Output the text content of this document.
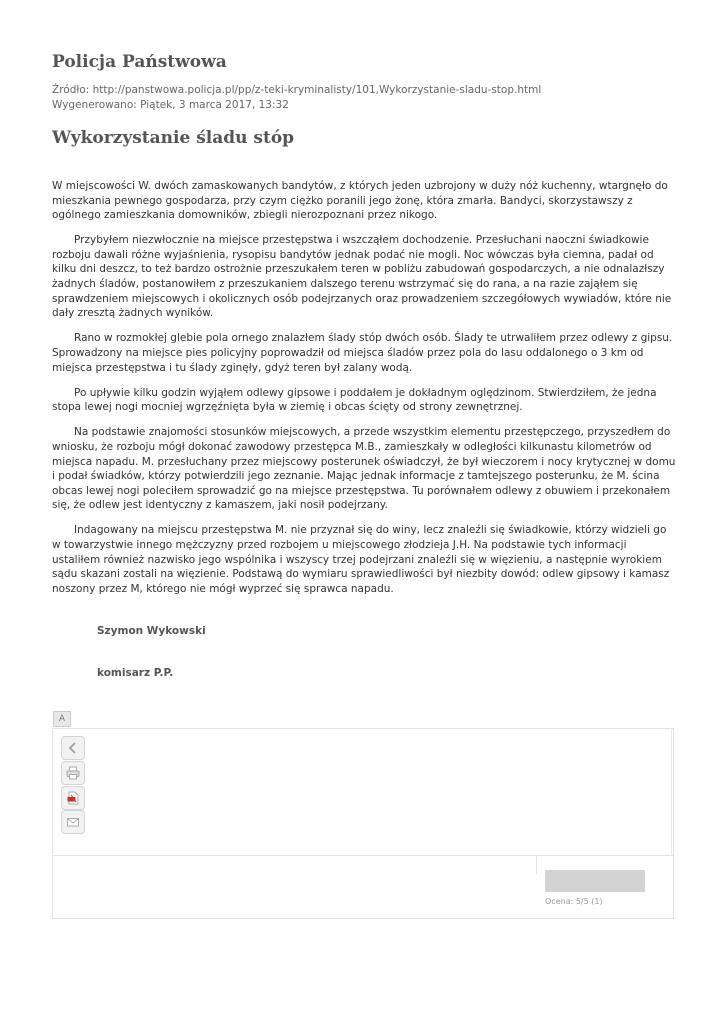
Policja Państwowa
Źródło: http://panstwowa.policja.pl/pp/z-teki-kryminalisty/101,Wykorzystanie-sladu-stop.html
Wygenerowano: Piątek, 3 marca 2017, 13:32
Wykorzystanie śladu stóp

W miejscowości W. dwóch zamaskowanych bandytów, z których jeden uzbrojony w duży nóż kuchenny, wtargnęło do mieszkania pewnego gospodarza, przy czym ciężko poranili jego żonę, która zmarła. Bandyci, skorzystawszy z ogólnego zamieszkania domowników, zbiegli nierozpoznani przez nikogo.

Przybyłem niezwłocznie na miejsce przestępstwa i wszcząłem dochodzenie. Przesłuchani naoczni świadkowie rozboju dawali różne wyjaśnienia, rysopisu bandytów jednak podać nie mogli. Noc wówczas była ciemna, padał od kilku dni deszcz, to też bardzo ostrożnie przeszukałem teren w pobliżu zabudowań gospodarczych, a nie odnalazłszy żadnych śladów, postanowiłem z przeszukaniem dalszego terenu wstrzymać się do rana, a na razie zająłem się sprawdzeniem miejscowych i okolicznych osób podejrzanych oraz prowadzeniem szczegółowych wywiadów, które nie dały zresztą żadnych wyników.

Rano w rozmokłej glebie pola ornego znalazłem ślady stóp dwóch osób. Ślady te utrwaliłem przez odlewy z gipsu. Sprowadzony na miejsce pies policyjny poprowadził od miejsca śladów przez pola do lasu oddalonego o 3 km od miejsca przestępstwa i tu ślady zginęły, gdyż teren był zalany wodą.

Po upływie kilku godzin wyjąłem odlewy gipsowe i poddałem je dokładnym oględzinom. Stwierdziłem, że jedna stopa lewej nogi mocniej wgrzęźnięta była w ziemię i obcas ścięty od strony zewnętrznej.

Na podstawie znajomości stosunków miejscowych, a przede wszystkim elementu przestępczego, przyszedłem do wniosku, że rozboju mógł dokonać zawodowy przestępca M.B., zamieszkały w odległości kilkunastu kilometrów od miejsca napadu. M. przesłuchany przez miejscowy posterunek oświadczył, że był wieczorem i nocy krytycznej w domu i podał świadków, którzy potwierdzili jego zeznanie. Mając jednak informacje z tamtejszego posterunku, że M. ścina obcas lewej nogi poleciłem sprowadzić go na miejsce przestępstwa. Tu porównałem odlewy z obuwiem i przekonałem się, że odlew jest identyczny z kamaszem, jaki nosił podejrzany.

Indagowany na miejscu przestępstwa M. nie przyznał się do winy, lecz znaleźli się świadkowie, którzy widzieli go w towarzystwie innego mężczyzny przed rozbojem u miejscowego złodzieja J.H. Na podstawie tych informacji ustaliłem również nazwisko jego wspólnika i wszyscy trzej podejrzani znaleźli się w więzieniu, a następnie wyrokiem sądu skazani zostali na więzienie. Podstawą do wymiaru sprawiedliwości był niezbity dowód: odlew gipsowy i kamasz noszony przez M, którego nie mógł wyprzeć się sprawca napadu.

Szymon Wykowski
komisarz P.P.
A
Ocena: 5/5 (1)
